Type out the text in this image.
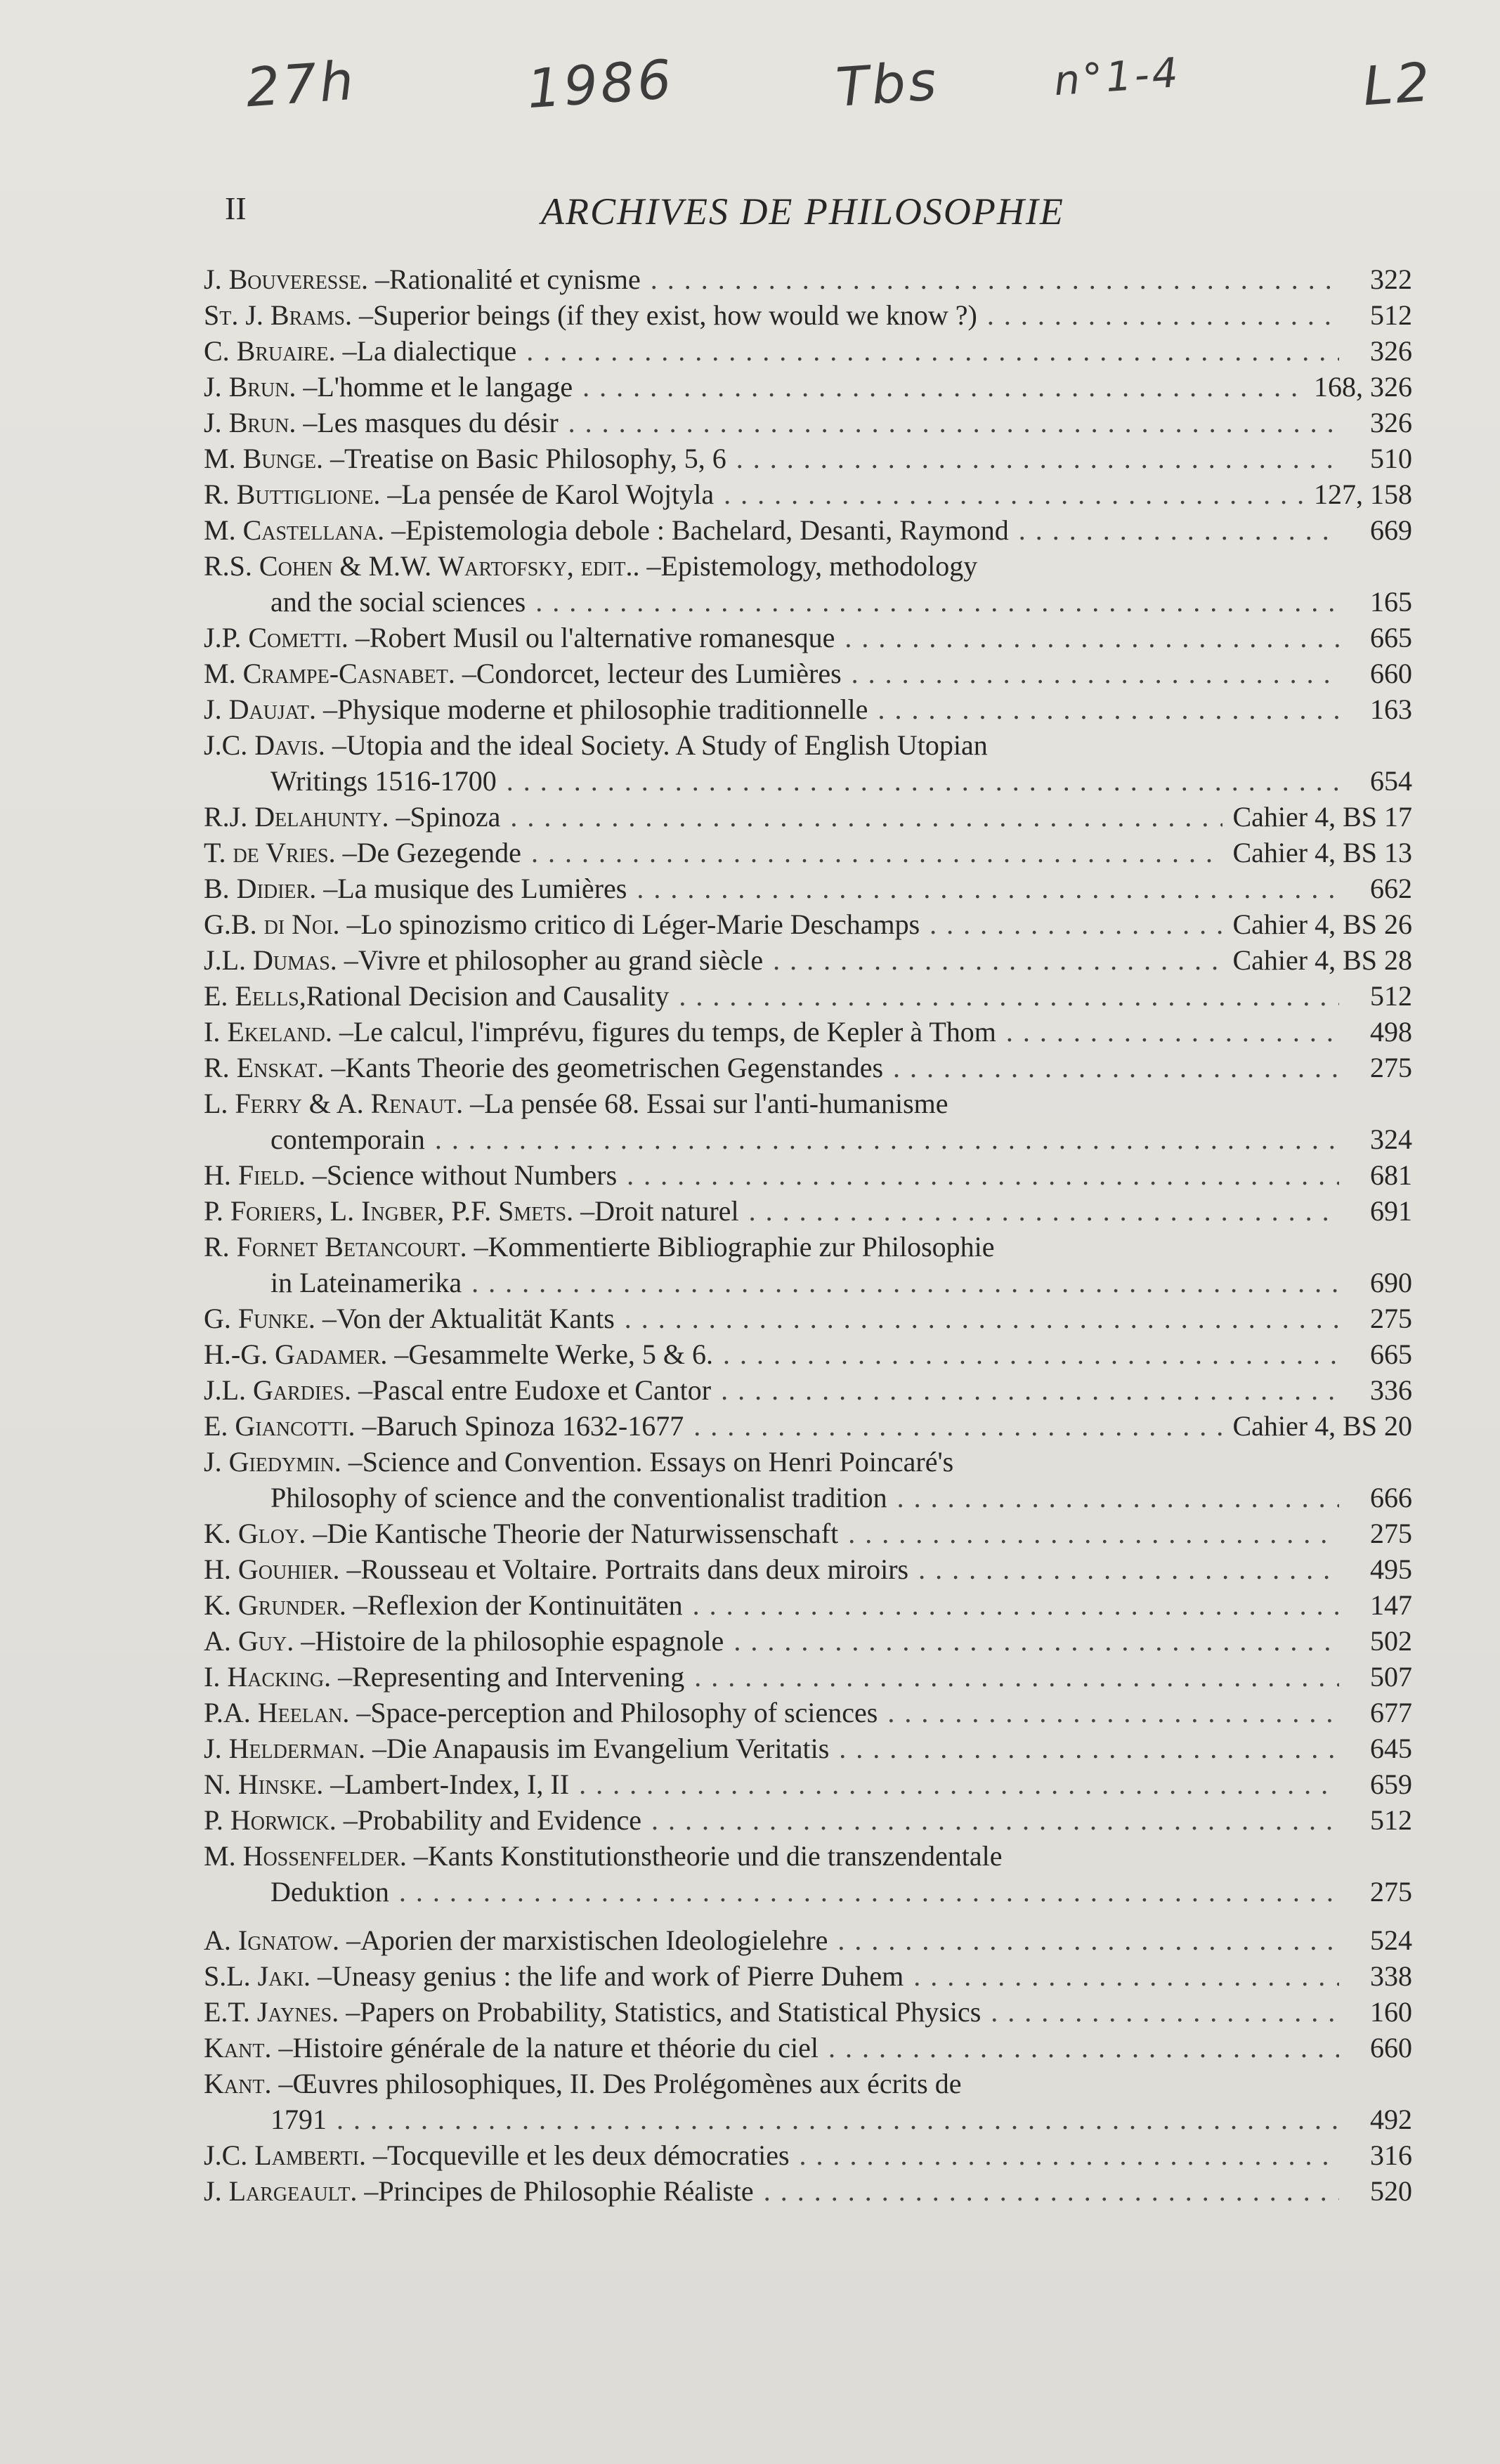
27h	1986	Tbs	n°1-4	L2
II	ARCHIVES DE PHILOSOPHIE
J. Bouveresse . – Rationalité et cynisme . . .	322
St. J. Brams . – Superior beings (if they exist, how would we know ?) . . .	512
C. Bruaire . – La dialectique . . .	326
J. Brun . – L'homme et le langage . . .	168, 326
J. Brun . – Les masques du désir . . .	326
M. Bunge . – Treatise on Basic Philosophy, 5, 6 . . .	510
R. Buttiglione . – La pensée de Karol Wojtyla . . .	127, 158
M. Castellana . – Epistemologia debole : Bachelard, Desanti, Raymond . . .	669
R.S. Cohen & M.W. Wartofsky, edit. . – Epistemology, methodology
and the social sciences . . .	165
J.P. Cometti . – Robert Musil ou l'alternative romanesque . . .	665
M. Crampe-Casnabet . – Condorcet, lecteur des Lumières . . .	660
J. Daujat . – Physique moderne et philosophie traditionnelle . . .	163
J.C. Davis . – Utopia and the ideal Society. A Study of English Utopian
Writings 1516-1700 . . .	654
R.J. Delahunty . – Spinoza . . .	Cahier 4, BS 17
T. de Vries . – De Gezegende . . .	Cahier 4, BS 13
B. Didier . – La musique des Lumières . . .	662
G.B. di Noi . – Lo spinozismo critico di Léger-Marie Deschamps . . .	Cahier 4, BS 26
J.L. Dumas . – Vivre et philosopher au grand siècle . . .	Cahier 4, BS 28
E. Eells , Rational Decision and Causality . . .	512
I. Ekeland . – Le calcul, l'imprévu, figures du temps, de Kepler à Thom . . .	498
R. Enskat . – Kants Theorie des geometrischen Gegenstandes . . .	275
L. Ferry & A. Renaut . – La pensée 68. Essai sur l'anti-humanisme
contemporain . . .	324
H. Field . – Science without Numbers . . .	681
P. Foriers, L. Ingber, P.F. Smets . – Droit naturel . . .	691
R. Fornet Betancourt . – Kommentierte Bibliographie zur Philosophie
in Lateinamerika . . .	690
G. Funke . – Von der Aktualität Kants . . .	275
H.-G. Gadamer . – Gesammelte Werke, 5 & 6. . . .	665
J.L. Gardies . – Pascal entre Eudoxe et Cantor . . .	336
E. Giancotti . – Baruch Spinoza 1632-1677 . . .	Cahier 4, BS 20
J. Giedymin . – Science and Convention. Essays on Henri Poincaré's
Philosophy of science and the conventionalist tradition . . .	666
K. Gloy . – Die Kantische Theorie der Naturwissenschaft . . .	275
H. Gouhier . – Rousseau et Voltaire. Portraits dans deux miroirs . . .	495
K. Grunder . – Reflexion der Kontinuitäten . . .	147
A. Guy . – Histoire de la philosophie espagnole . . .	502
I. Hacking . – Representing and Intervening . . .	507
P.A. Heelan . – Space-perception and Philosophy of sciences . . .	677
J. Helderman . – Die Anapausis im Evangelium Veritatis . . .	645
N. Hinske . – Lambert-Index, I, II . . .	659
P. Horwick . – Probability and Evidence . . .	512
M. Hossenfelder . – Kants Konstitutionstheorie und die transzendentale
Deduktion . . .	275
A. Ignatow . – Aporien der marxistischen Ideologielehre . . .	524
S.L. Jaki . – Uneasy genius : the life and work of Pierre Duhem . . .	338
E.T. Jaynes . – Papers on Probability, Statistics, and Statistical Physics . . .	160
Kant . – Histoire générale de la nature et théorie du ciel . . .	660
Kant . – Œuvres philosophiques, II. Des Prolégomènes aux écrits de
1791 . . .	492
J.C. Lamberti . – Tocqueville et les deux démocraties . . .	316
J. Largeault . – Principes de Philosophie Réaliste . . .	520
